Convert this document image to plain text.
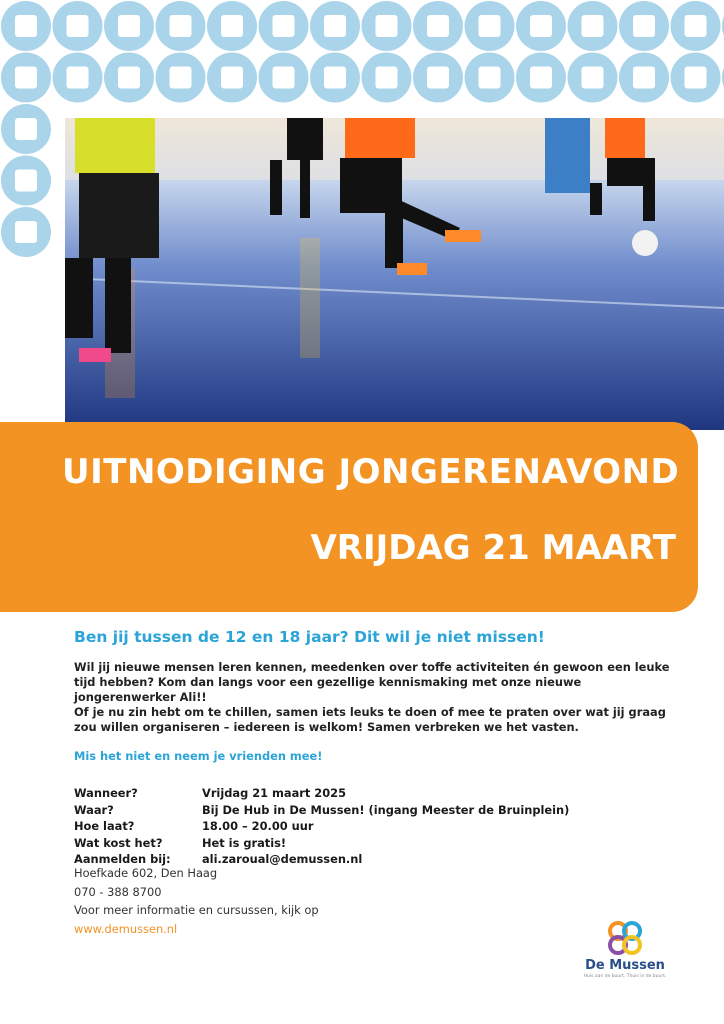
UITNODIGING JONGERENAVOND
VRIJDAG 21 MAART
Ben jij tussen de 12 en 18 jaar? Dit wil je niet missen!

Wil jij nieuwe mensen leren kennen, meedenken over toffe activiteiten én gewoon een leuke tijd hebben? Kom dan langs voor een gezellige kennismaking met onze nieuwe jongerenwerker Ali!!

Of je nu zin hebt om te chillen, samen iets leuks te doen of mee te praten over wat jij graag zou willen organiseren – iedereen is welkom! Samen verbreken we het vasten.

Mis het niet en neem je vrienden mee!
Wanneer?	Vrijdag 21 maart 2025
Waar?	Bij De Hub in De Mussen! (ingang Meester de Bruinplein)
Hoe laat?	18.00 – 20.00 uur
Wat kost het?	Het is gratis!
Aanmelden bij:	ali.zaroual@demussen.nl
Hoefkade 602, Den Haag
070 - 388 8700
Voor meer informatie en cursussen, kijk op
www.demussen.nl
De Mussen
Huis aan de buurt. Thuis in de buurt.
